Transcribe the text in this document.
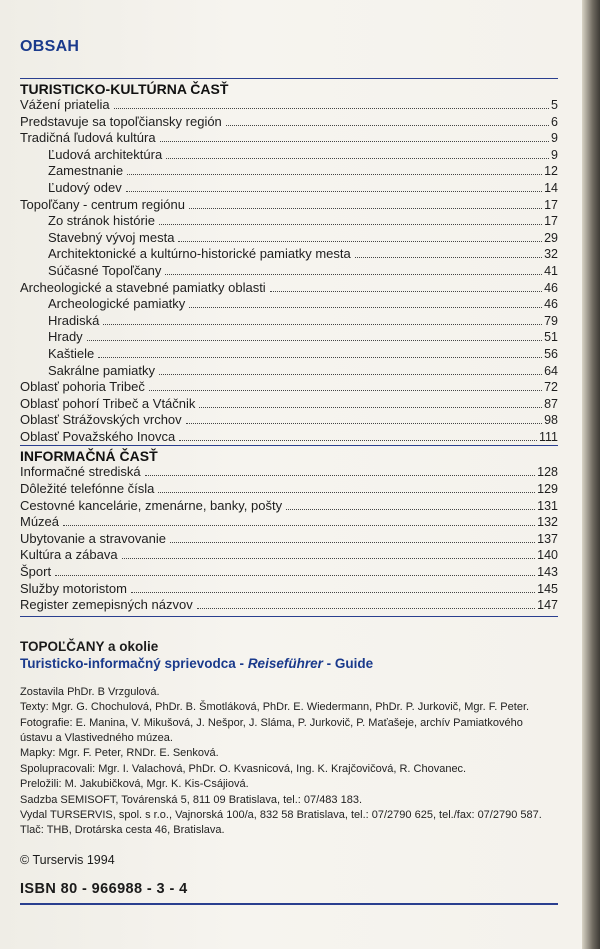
OBSAH
TURISTICKO-KULTÚRNA ČASŤ
Vážení priatelia	5
Predstavuje sa topoľčiansky región	6
Tradičná ľudová kultúra	9
Ľudová architektúra	9
Zamestnanie	12
Ľudový odev	14
Topoľčany - centrum regiónu	17
Zo stránok histórie	17
Stavebný vývoj mesta	29
Architektonické a kultúrno-historické pamiatky mesta	32
Súčasné Topoľčany	41
Archeologické a stavebné pamiatky oblasti	46
Archeologické pamiatky	46
Hradiská	79
Hrady	51
Kaštiele	56
Sakrálne pamiatky	64
Oblasť pohoria Tribeč	72
Oblasť pohorí Tribeč a Vtáčnik	87
Oblasť Strážovských vrchov	98
Oblasť Považského Inovca	111
INFORMAČNÁ ČASŤ
Informačné strediská	128
Dôležité telefónne čísla	129
Cestovné kancelárie, zmenárne, banky, pošty	131
Múzeá	132
Ubytovanie a stravovanie	137
Kultúra a zábava	140
Šport	143
Služby motoristom	145
Register zemepisných názvov	147
TOPOĽČANY a okolie
Turisticko-informačný sprievodca - Reiseführer - Guide
Zostavila PhDr. B Vrzgulová.
Texty: Mgr. G. Chochulová, PhDr. B. Šmotláková, PhDr. E. Wiedermann, PhDr. P. Jurkovič, Mgr. F. Peter.
Fotografie: E. Manina, V. Mikušová, J. Nešpor, J. Sláma, P. Jurkovič, P. Maťašeje, archív Pamiatkového
ústavu a Vlastivedného múzea.
Mapky: Mgr. F. Peter, RNDr. E. Senková.
Spolupracovali: Mgr. I. Valachová, PhDr. O. Kvasnicová, Ing. K. Krajčovičová, R. Chovanec.
Preložili: M. Jakubičková, Mgr. K. Kis-Csájiová.
Sadzba SEMISOFT, Továrenská 5, 811 09 Bratislava, tel.: 07/483 183.
Vydal TURSERVIS, spol. s r.o., Vajnorská 100/a, 832 58 Bratislava, tel.: 07/2790 625, tel./fax: 07/2790 587.
Tlač: THB, Drotárska cesta 46, Bratislava.
© Turservis 1994
ISBN 80 - 966988 - 3 - 4
